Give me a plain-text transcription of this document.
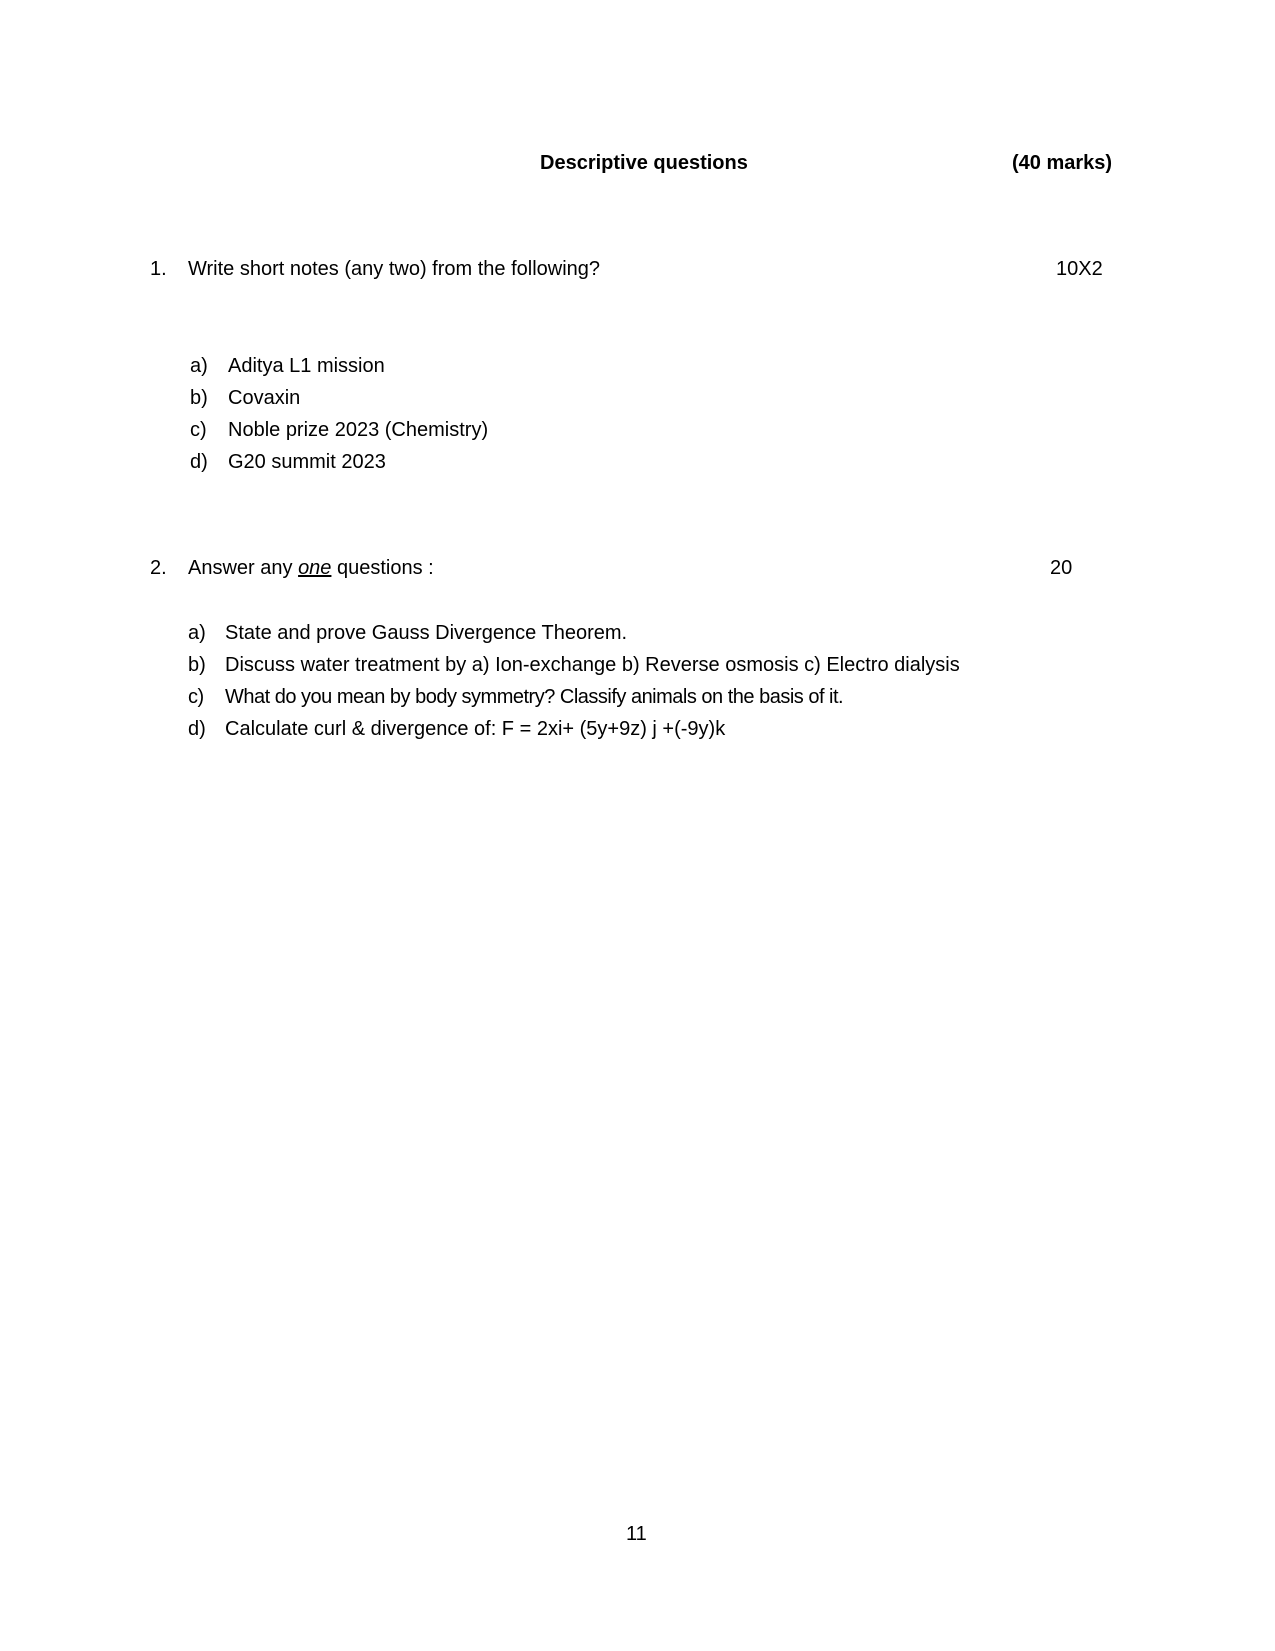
Descriptive questions	(40 marks)
1. Write short notes (any two) from the following?	10X2
a) Aditya L1 mission
b) Covaxin
c) Noble prize 2023 (Chemistry)
d) G20 summit 2023
2. Answer any one questions :	20
a) State and prove Gauss Divergence Theorem.
b) Discuss water treatment by a) Ion-exchange b) Reverse osmosis c) Electro dialysis
c) What do you mean by body symmetry? Classify animals on the basis of it.
d) Calculate curl & divergence of: F = 2xi+ (5y+9z) j +(-9y)k
11
